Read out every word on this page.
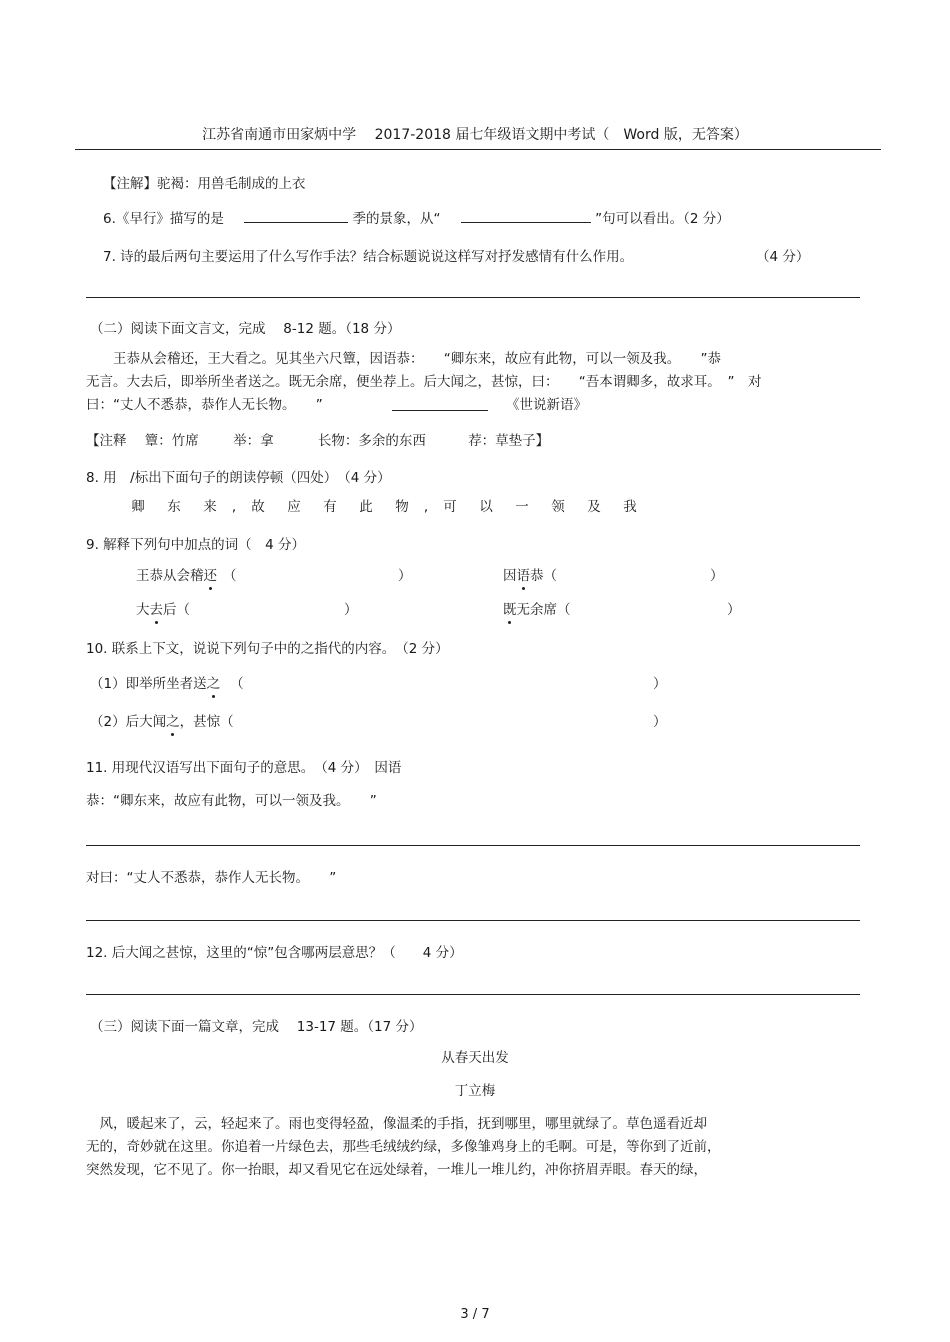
江苏省南通市田家炳中学　 2017-2018 届七年级语文期中考试（　Word 版，无答案）
【注解】驼褐：用兽毛制成的上衣
6.《早行》描写的是	季的景象，从“	”句可以看出。（2 分）
7. 诗的最后两句主要运用了什么写作手法？结合标题说说这样写对抒发感情有什么作用。	（4 分）
（二）阅读下面文言文，完成　 8-12 题。（18 分）
　　王恭从会稽还，王大看之。见其坐六尺簟，因语恭：　　“卿东来，故应有此物，可以一领及我。　　”恭
无言。大去后，即举所坐者送之。既无余席，便坐荐上。后大闻之，甚惊，曰：　　“吾本谓卿多，故求耳。　”　对
曰：“丈人不悉恭，恭作人无长物。　　”	《世说新语》
【注释 簟：竹席	举：拿	长物：多余的东西	荐：草垫子】
8. 用　/标出下面句子的朗读停顿（四处）　（4 分）
卿 东 来 , 故 应 有 此 物 , 可 以 一 领 及 我
9. 解释下列句中加点的词（　4 分）
王恭从会稽还 （	）	因语恭（	）
大去后（	）	既无余席（	）
10. 联系上下文，说说下列句子中的之指代的内容。　（2 分）
（1）即举所坐者送之 （	）
（2）后大闻之，甚惊（	）
11. 用现代汉语写出下面句子的意思。　（4 分）　因语
恭：“卿东来，故应有此物，可以一领及我。　　”
对曰：“丈人不悉恭，恭作人无长物。　　”
12. 后大闻之甚惊，这里的“惊”包含哪两层意思？（　　4 分）
（三）阅读下面一篇文章，完成　 13-17 题。（17 分）
从春天出发
丁立梅
　风，暖起来了，云，轻起来了。雨也变得轻盈，像温柔的手指，抚到哪里，哪里就绿了。草色遥看近却
无的，奇妙就在这里。你追着一片绿色去，那些毛绒绒约绿，多像雏鸡身上的毛啊。可是，等你到了近前，
突然发现，它不见了。你一抬眼，却又看见它在远处绿着，一堆儿一堆儿约，冲你挤眉弄眼。春天的绿，
3 / 7
